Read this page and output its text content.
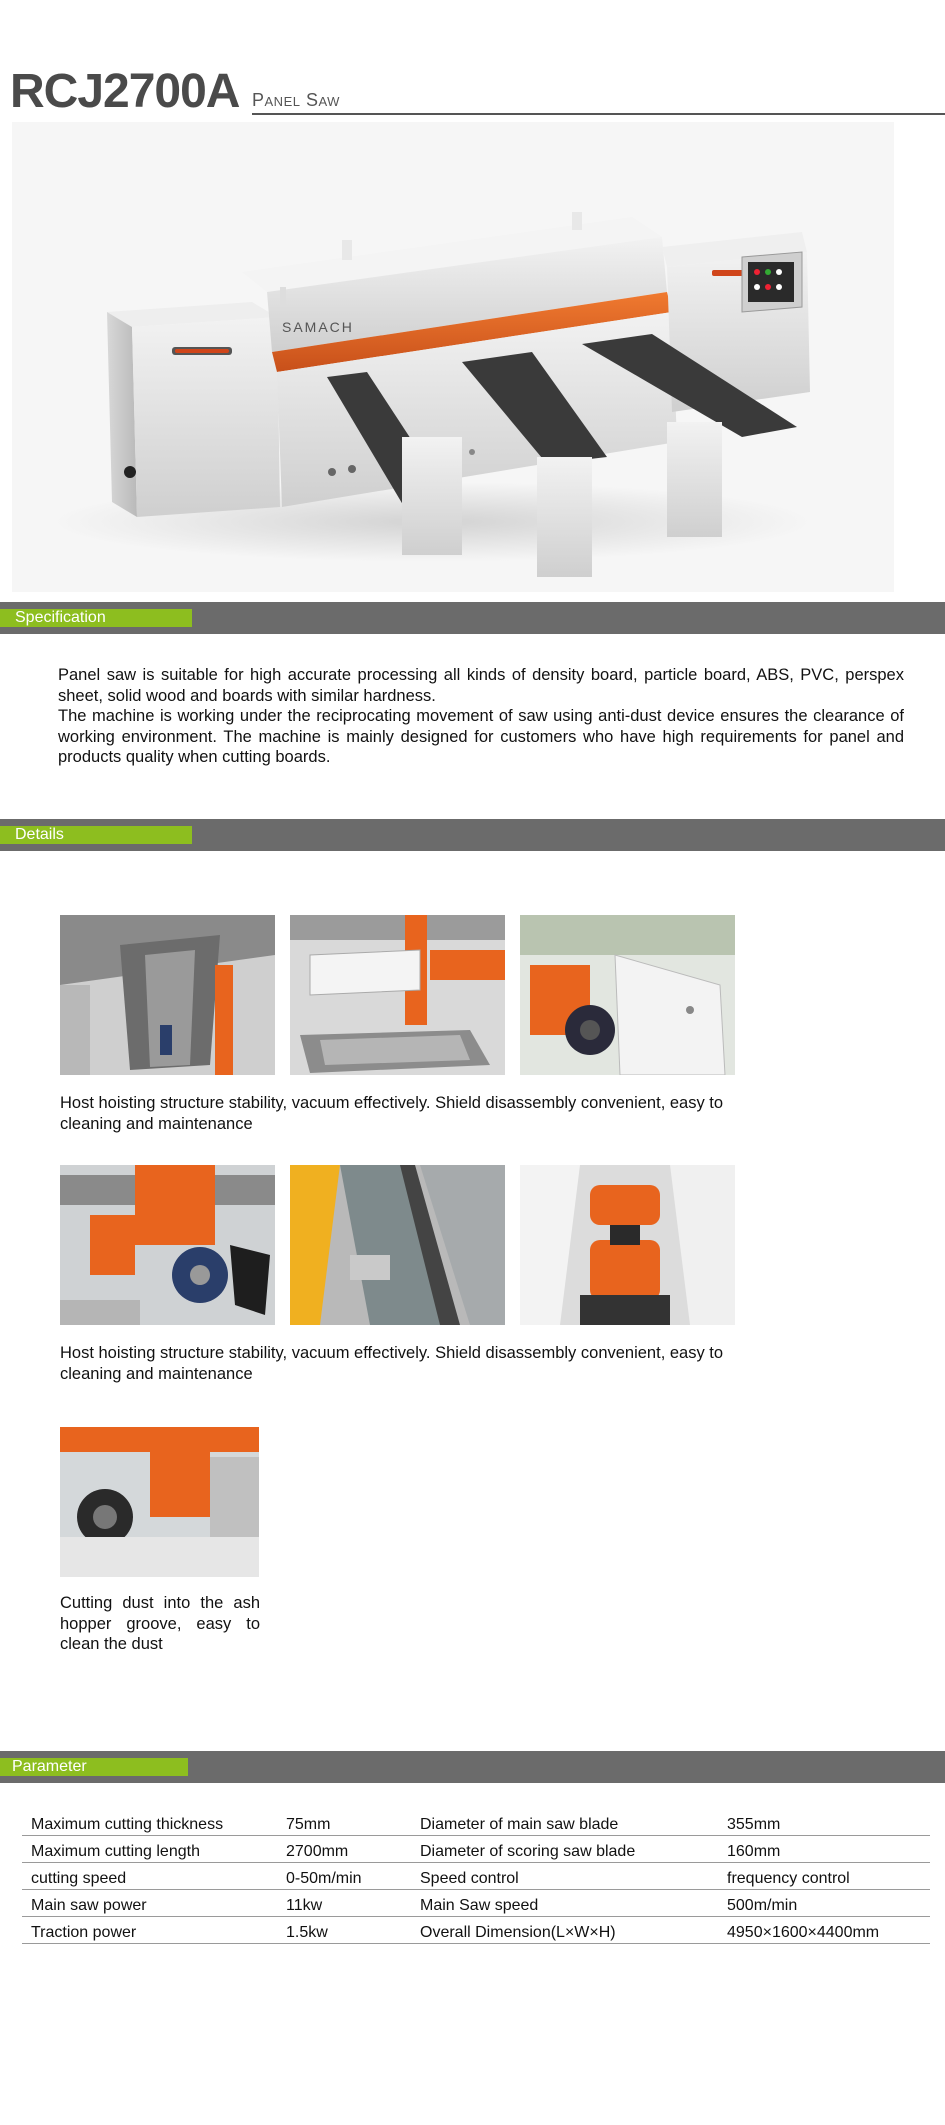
RCJ2700A Panel Saw
SAMACH
Specification

Panel saw is suitable for high accurate processing all kinds of density board, particle board, ABS, PVC, perspex sheet, solid wood and boards with similar hardness.

The machine is working under the reciprocating movement of saw using anti-dust device ensures the clearance of working environment. The machine is mainly designed for customers who have high requirements for panel and products quality when cutting boards.

Details
Host hoisting structure stability, vacuum effectively. Shield disassembly convenient, easy to cleaning and maintenance
Host hoisting structure stability, vacuum effectively. Shield disassembly convenient, easy to cleaning and maintenance
Cutting dust into the ash hopper groove, easy to clean the dust
Parameter
Maximum cutting thickness	75mm	Diameter of main saw blade	355mm
Maximum cutting length	2700mm	Diameter of scoring saw blade	160mm
cutting speed	0-50m/min	Speed control	frequency control
Main saw power	11kw	Main Saw speed	500m/min
Traction power	1.5kw	Overall Dimension(L×W×H)	4950×1600×4400mm
